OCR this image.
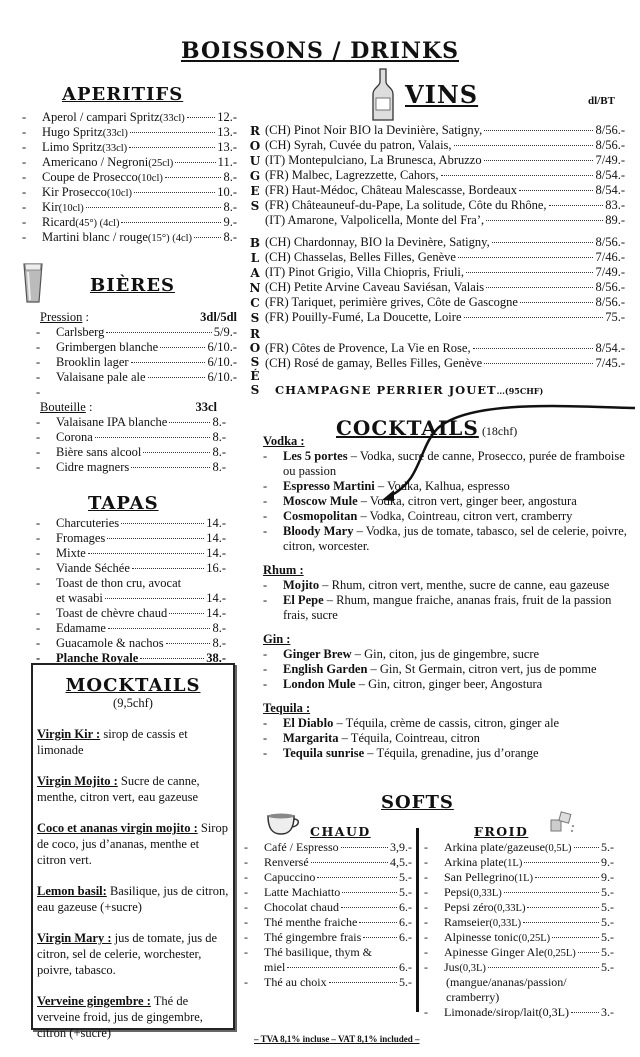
BOISSONS / DRINKS
APERITIFS
-	Aperol / campari Spritz (33cl)	12.-
-	Hugo Spritz (33cl)	13.-
-	Limo Spritz (33cl)	13.-
-	Americano / Negroni (25cl)	11.-
-	Coupe de Prosecco (10cl)	8.-
-	Kir Prosecco (10cl)	10.-
-	Kir (10cl)	8.-
-	Ricard (45°) (4cl)	9.-
-	Martini blanc / rouge (15°) (4cl)	8.-
BIÈRES
Pression :	3dl/5dl
-	Carlsberg	5/9.-
-	Grimbergen blanche	6/10.-
-	Brooklin lager	6/10.-
-	Valaisane pale ale	6/10.-
-
Bouteille :	33cl
-	Valaisane IPA blanche	8.-
-	Corona	8.-
-	Bière sans alcool	8.-
-	Cidre magners	8.-
TAPAS
-	Charcuteries	14.-
-	Fromages	14.-
-	Mixte	14.-
-	Viande Séchée	16.-
-	Toast de thon cru, avocat
et wasabi	14.-
-	Toast de chèvre chaud	14.-
-	Edamame	8.-
-	Guacamole & nachos	8.-
-	Planche Royale	38.-
MOCKTAILS
(9,5chf)
Virgin Kir : sirop de cassis et limonade
Virgin Mojito : Sucre de canne, menthe, citron vert, eau gazeuse
Coco et ananas virgin mojito : Sirop de coco, jus d’ananas, menthe et citron vert.
Lemon basil: Basilique, jus de citron, eau gazeuse (+sucre)
Virgin Mary : jus de tomate, jus de citron, sel de celerie, worchester, poivre, tabasco.
Verveine gingembre : Thé de verveine froid, jus de gingembre, citron (+sucre)
VINS	dl/BT
R
O
U
G
E
S
(CH) Pinot Noir BIO la Devinière, Satigny,	8/56.-
(CH) Syrah, Cuvée du patron, Valais,	8/56.-
(IT) Montepulciano, La Brunesca, Abruzzo	7/49.-
(FR) Malbec, Lagrezzette, Cahors,	8/54.-
(FR) Haut-Médoc, Château Malescasse, Bordeaux	8/54.-
(FR) Châteauneuf-du-Pape, La solitude, Côte du Rhône,	83.-
(IT) Amarone, Valpolicella, Monte del Fra’,	89.-
B
L
A
N
C
S
(CH) Chardonnay, BIO la Devinère, Satigny,	8/56.-
(CH) Chasselas, Belles Filles, Genève	7/46.-
(IT) Pinot Grigio, Villa Chiopris, Friuli,	7/49.-
(CH) Petite Arvine Caveau Saviésan, Valais	8/56.-
(FR) Tariquet, perimière grives, Côte de Gascogne	8/56.-
(FR) Pouilly-Fumé, La Doucette, Loire	75.-
R
O
S
É
S
(FR) Côtes de Provence, La Vie en Rose,	8/54.-
(CH) Rosé de gamay, Belles Filles, Genève	7/45.-
CHAMPAGNE PERRIER JOUET...(95CHF)
COCKTAILS (18chf)
Vodka :
-	Les 5 portes – Vodka, sucre de canne, Prosecco, purée de framboise ou passion
-	Espresso Martini – Vodka, Kalhua, espresso
-	Moscow Mule – Vodka, citron vert, ginger beer, angostura
-	Cosmopolitan – Vodka, Cointreau, citron vert, cramberry
-	Bloody Mary – Vodka, jus de tomate, tabasco, sel de celerie, poivre, citron, worcester.
Rhum :
-	Mojito – Rhum, citron vert, menthe, sucre de canne, eau gazeuse
-	El Pepe – Rhum, mangue fraiche, ananas frais, fruit de la passion frais, sucre
Gin :
-	Ginger Brew – Gin, citon, jus de gingembre, sucre
-	English Garden – Gin, St Germain, citron vert, jus de pomme
-	London Mule – Gin, citron, ginger beer, Angostura
Tequila :
-	El Diablo – Téquila, crème de cassis, citron, ginger ale
-	Margarita – Téquila, Cointreau, citron
-	Tequila sunrise – Téquila, grenadine, jus d’orange
SOFTS
CHAUD
-	Café / Espresso	3,9.-
-	Renversé	4,5.-
-	Capuccino	5.-
-	Latte Machiatto	5.-
-	Chocolat chaud	6.-
-	Thé menthe fraiche	6.-
-	Thé gingembre frais	6.-
-	Thé basilique, thym &
miel	6.-
-	Thé au choix	5.-
FROID
-	Arkina plate/gazeuse (0,5L) 5.-
-	Arkina plate (1L)	9.-
-	San Pellegrino (1L)	9.-
-	Pepsi (0,33L)	5.-
-	Pepsi zéro (0,33L)	5.-
-	Ramseier (0,33L)	5.-
-	Alpinesse tonic (0,25L)	5.-
-	Apinesse Ginger Ale (0,25L) 5.-
-	Jus (0,3L)	5.-
(mangue/ananas/passion/ cramberry)
-	Limonade/sirop/lait(0,3L)	3.-
– TVA 8,1% incluse – VAT 8,1% included –
